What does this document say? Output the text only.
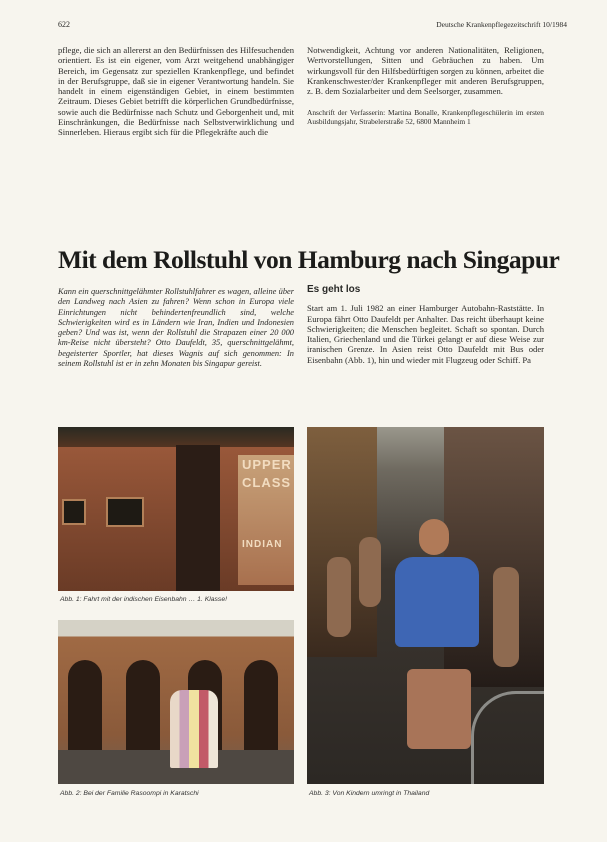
622	Deutsche Krankenpflegezeitschrift 10/1984

pflege, die sich an allererst an den Bedürfnissen des Hilfesuchenden orientiert. Es ist ein eigener, vom Arzt weitgehend unabhängiger Bereich, im Gegensatz zur speziellen Krankenpflege, und befindet in der Berufsgruppe, daß sie in eigener Verantwortung handeln. Sie handelt in einem eigenständigen Gebiet, in einem bestimmten Zeitraum. Dieses Gebiet betrifft die körperlichen Grundbedürfnisse, sowie auch die Bedürfnisse nach Schutz und Geborgenheit und, mit Einschränkungen, die Bedürfnisse nach Selbstverwirklichung und Sinnerleben. Hieraus ergibt sich für die Pflegekräfte auch die

Notwendigkeit, Achtung vor anderen Nationalitäten, Religionen, Wertvorstellungen, Sitten und Gebräuchen zu haben. Um wirkungsvoll für den Hilfsbedürftigen sorgen zu können, arbeitet die Krankenschwester/der Krankenpfleger mit anderen Berufsgruppen, z. B. dem Sozialarbeiter und dem Seelsorger, zusammen.

Anschrift der Verfasserin: Martina Bonalle, Krankenpflegeschülerin im ersten Ausbildungsjahr, Strabelerstraße 52, 6800 Mannheim 1

Mit dem Rollstuhl von Hamburg nach Singapur

Kann ein querschnittgelähmter Rollstuhlfahrer es wagen, alleine über den Landweg nach Asien zu fahren? Wenn schon in Europa viele Einrichtungen nicht behindertenfreundlich sind, welche Schwierigkeiten wird es in Ländern wie Iran, Indien und Indonesien geben? Und was ist, wenn der Rollstuhl die Strapazen einer 20 000 km-Reise nicht übersteht? Otto Daufeldt, 35, querschnittgelähmt, begeisterter Sportler, hat dieses Wagnis auf sich genommen: In seinem Rollstuhl ist er in zehn Monaten bis Singapur gereist.

Es geht los

Start am 1. Juli 1982 an einer Hamburger Autobahn-Raststätte. In Europa fährt Otto Daufeldt per Anhalter. Das reicht überhaupt keine Schwierigkeiten; die Menschen begleitet. Schaft so spontan. Durch Italien, Griechenland und die Türkei gelangt er auf diese Weise zur iranischen Grenze. In Asien reist Otto Daufeldt mit Bus oder Eisenbahn (Abb. 1), hin und wieder mit Flugzeug oder Schiff. Pa

UPPER
CLASS
INDIAN
Abb. 1: Fahrt mit der indischen Eisenbahn … 1. Klasse!
Abb. 2: Bei der Familie Rasoompi in Karatschi	Abb. 3: Von Kindern umringt in Thailand
